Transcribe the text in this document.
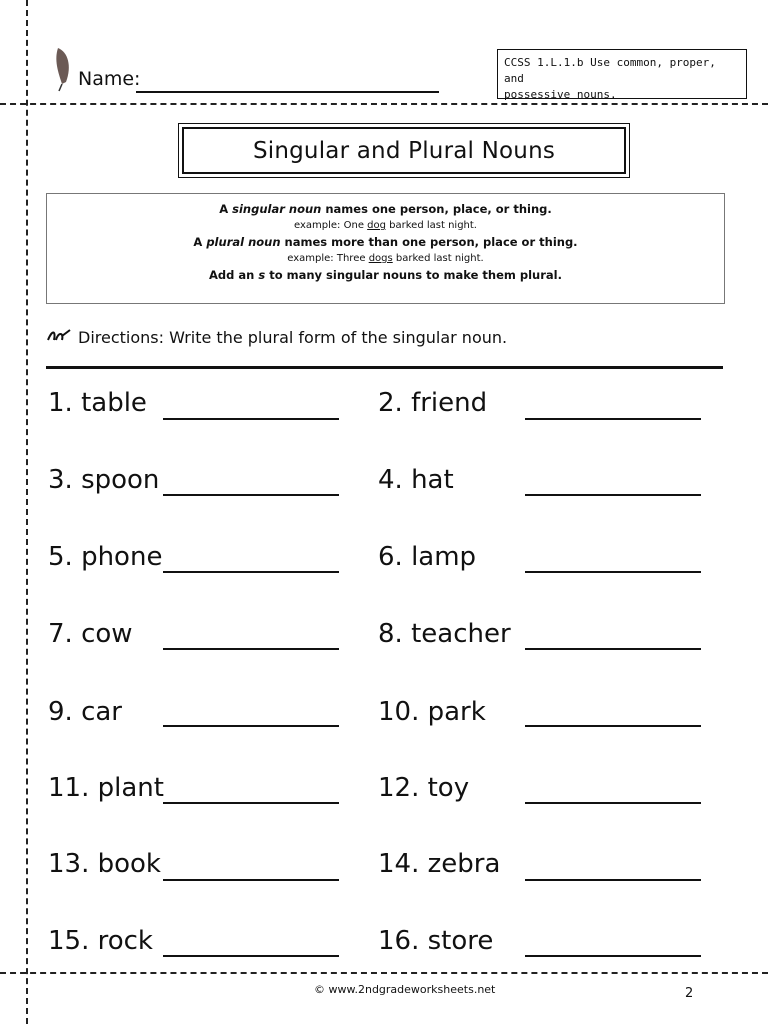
Name:
CCSS 1.L.1.b Use common, proper, and
possessive nouns.
Singular and Plural Nouns
A singular noun names one person, place, or thing.
example: One dog barked last night.
A plural noun names more than one person, place or thing.
example: Three dogs barked last night.
Add an s to many singular nouns to make them plural.
Directions: Write the plural form of the singular noun.
1. table	2. friend
3. spoon	4. hat
5. phone	6. lamp
7. cow	8. teacher
9. car	10. park
11. plant	12. toy
13. book	14. zebra
15. rock	16. store
© www.2ndgradeworksheets.net	2
